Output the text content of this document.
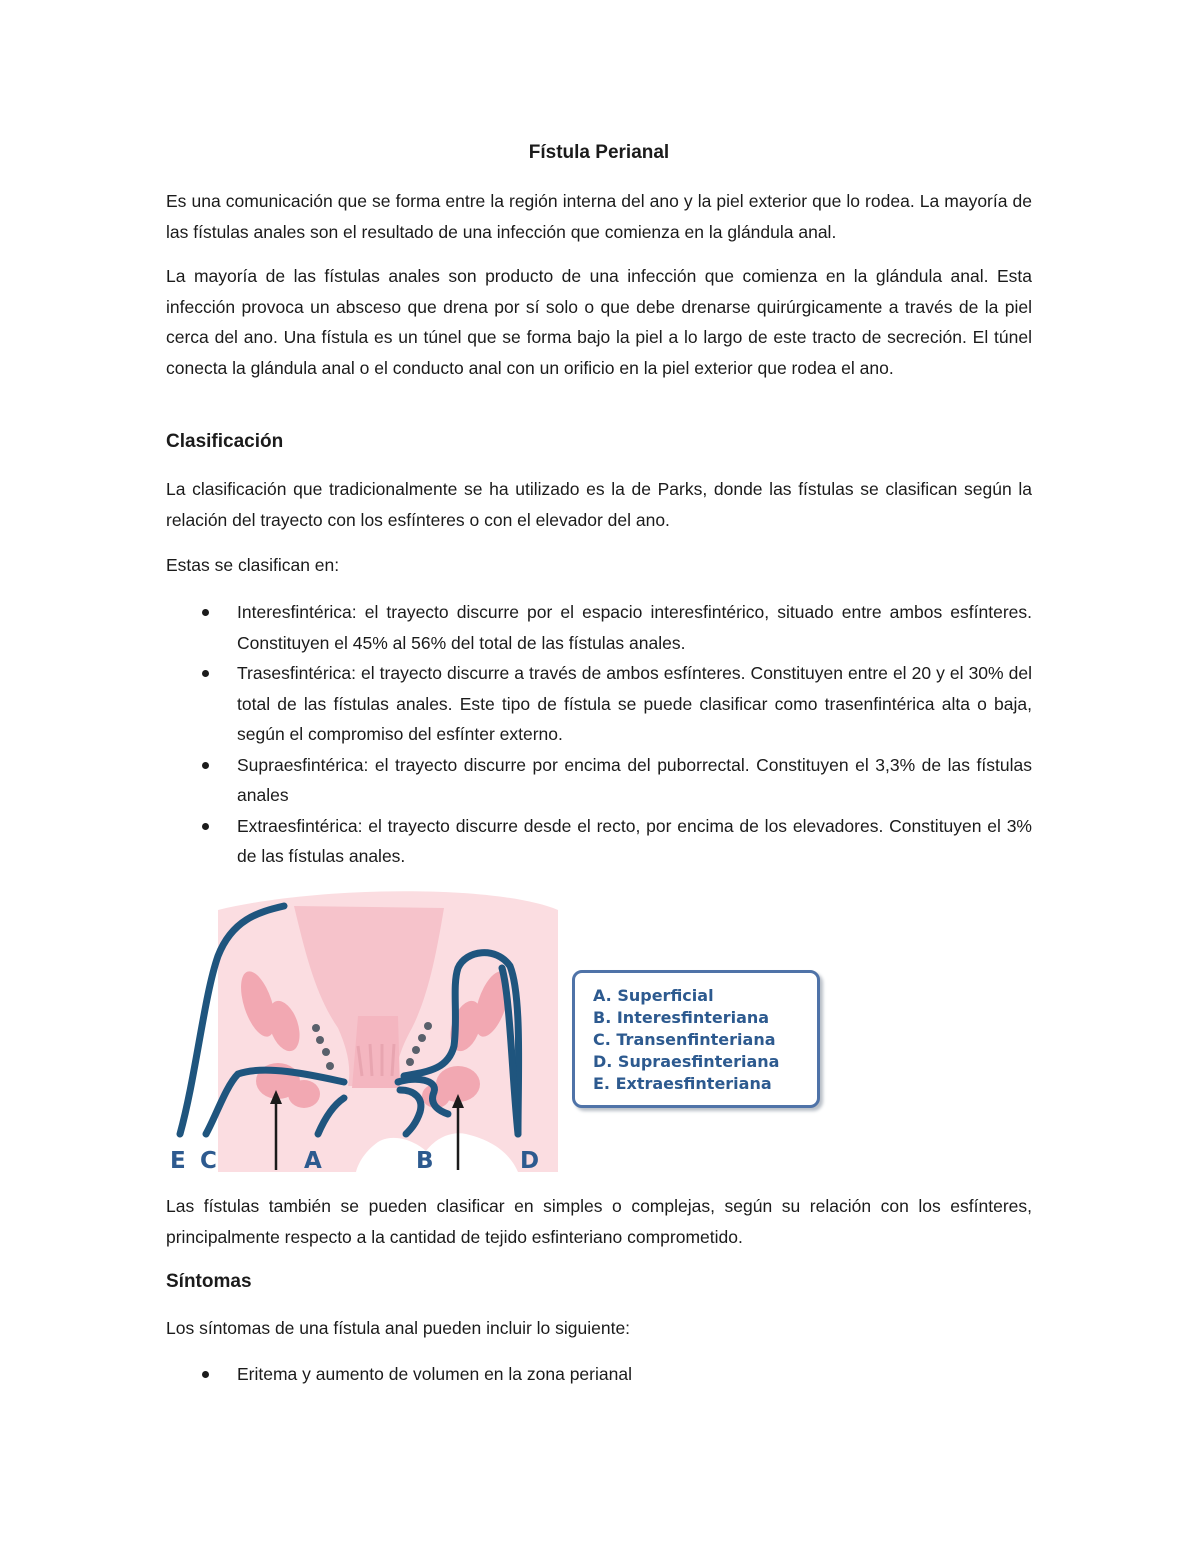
Fístula Perianal

Es una comunicación que se forma entre la región interna del ano y la piel exterior que lo rodea. La mayoría de las fístulas anales son el resultado de una infección que comienza en la glándula anal.

La mayoría de las fístulas anales son producto de una infección que comienza en la glándula anal. Esta infección provoca un absceso que drena por sí solo o que debe drenarse quirúrgicamente a través de la piel cerca del ano. Una fístula es un túnel que se forma bajo la piel a lo largo de este tracto de secreción. El túnel conecta la glándula anal o el conducto anal con un orificio en la piel exterior que rodea el ano.

Clasificación

La clasificación que tradicionalmente se ha utilizado es la de Parks, donde las fístulas se clasifican según la relación del trayecto con los esfínteres o con el elevador del ano.

Estas se clasifican en:

Interesfintérica: el trayecto discurre por el espacio interesfintérico, situado entre ambos esfínteres. Constituyen el 45% al 56% del total de las fístulas anales.
Trasesfintérica: el trayecto discurre a través de ambos esfínteres. Constituyen entre el 20 y el 30% del total de las fístulas anales. Este tipo de fístula se puede clasificar como trasenfintérica alta o baja, según el compromiso del esfínter externo.
Supraesfintérica: el trayecto discurre por encima del puborrectal. Constituyen el 3,3% de las fístulas anales
Extraesfintérica: el trayecto discurre desde el recto, por encima de los elevadores. Constituyen el 3% de las fístulas anales.

Las fístulas también se pueden clasificar en simples o complejas, según su relación con los esfínteres, principalmente respecto a la cantidad de tejido esfinteriano comprometido.

Síntomas

Los síntomas de una fístula anal pueden incluir lo siguiente:

Eritema y aumento de volumen en la zona perianal
E C	A	B	D
A. Superficial
B. Interesfinteriana
C. Transenfinteriana
D. Supraesfinteriana
E. Extraesfinteriana
